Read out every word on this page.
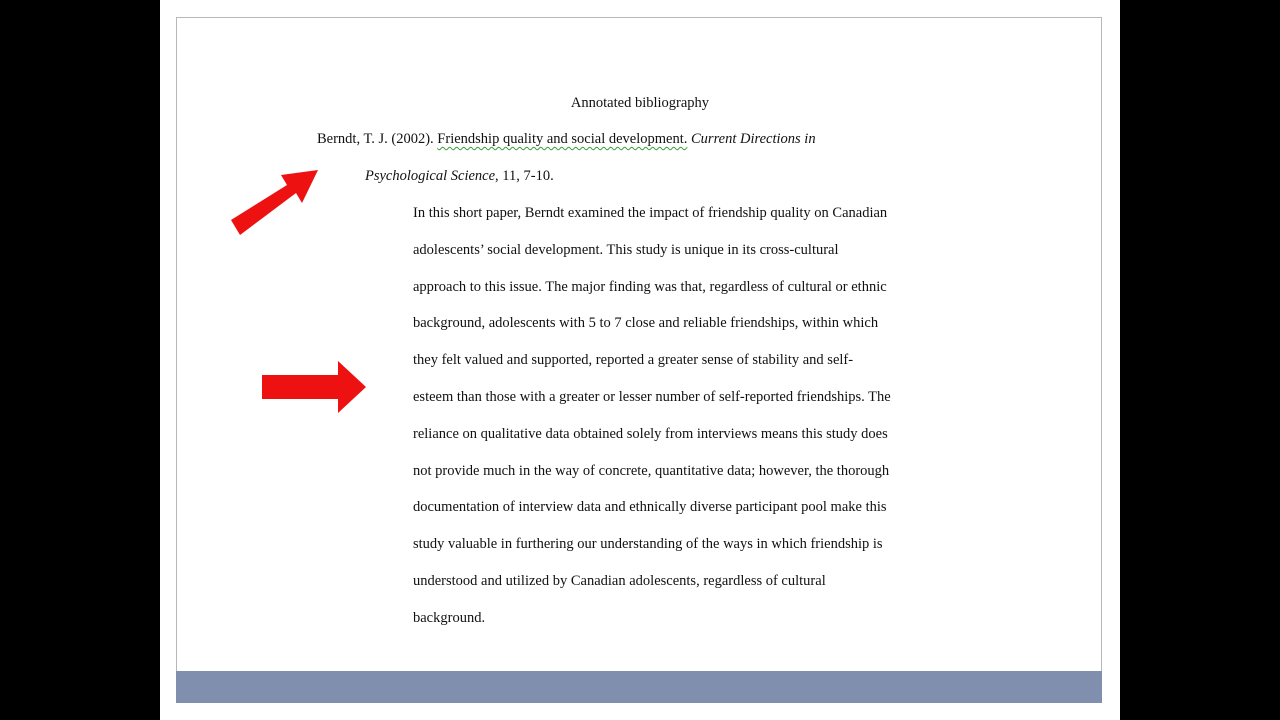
Annotated bibliography
Berndt, T. J. (2002). Friendship quality and social development. Current Directions in
Psychological Science, 11, 7-10.
In this short paper, Berndt examined the impact of friendship quality on Canadian
adolescents’ social development. This study is unique in its cross-cultural
approach to this issue. The major finding was that, regardless of cultural or ethnic
background, adolescents with 5 to 7 close and reliable friendships, within which
they felt valued and supported, reported a greater sense of stability and self-
esteem than those with a greater or lesser number of self-reported friendships. The
reliance on qualitative data obtained solely from interviews means this study does
not provide much in the way of concrete, quantitative data; however, the thorough
documentation of interview data and ethnically diverse participant pool make this
study valuable in furthering our understanding of the ways in which friendship is
understood and utilized by Canadian adolescents, regardless of cultural
background.
